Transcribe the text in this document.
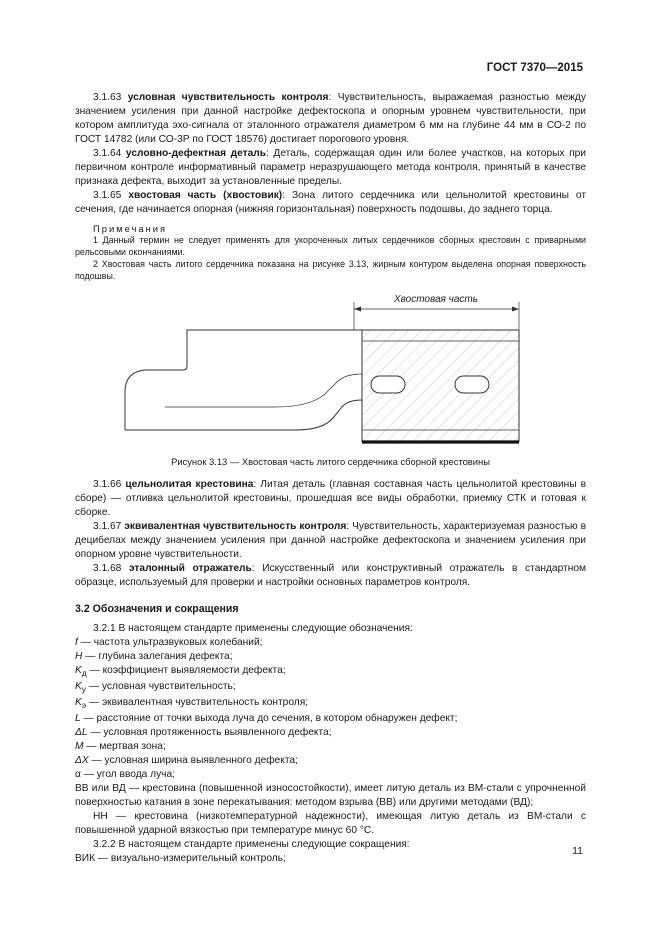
ГОСТ 7370—2015

3.1.63 условная чувствительность контроля: Чувствительность, выражаемая разностью между значением усиления при данной настройке дефектоскопа и опорным уровнем чувствительности, при котором амплитуда эхо-сигнала от эталонного отражателя диаметром 6 мм на глубине 44 мм в СО-2 по ГОСТ 14782 (или СО-3Р по ГОСТ 18576) достигает порогового уровня.

3.1.64 условно-дефектная деталь: Деталь, содержащая один или более участков, на которых при первичном контроле информативный параметр неразрушающего метода контроля, принятый в качестве признака дефекта, выходит за установленные пределы.

3.1.65 хвостовая часть (хвостовик): Зона литого сердечника или цельнолитой крестовины от сечения, где начинается опорная (нижняя горизонтальная) поверхность подошвы, до заднего торца.

Примечания

1 Данный термин не следует применять для укороченных литых сердечников сборных крестовин с приварными рельсовыми окончаниями.

2 Хвостовая часть литого сердечника показана на рисунке 3.13, жирным контуром выделена опорная поверхность подошвы.

Хвостовая часть
Рисунок 3.13 — Хвостовая часть литого сердечника сборной крестовины

3.1.66 цельнолитая крестовина: Литая деталь (главная составная часть цельнолитой крестовины в сборе) — отливка цельнолитой крестовины, прошедшая все виды обработки, приемку СТК и готовая к сборке.

3.1.67 эквивалентная чувствительность контроля: Чувствительность, характеризуемая разностью в децибелах между значением усиления при данной настройке дефектоскопа и значением усиления при опорном уровне чувствительности.

3.1.68 эталонный отражатель: Искусственный или конструктивный отражатель в стандартном образце, используемый для проверки и настройки основных параметров контроля.

3.2 Обозначения и сокращения

3.2.1 В настоящем стандарте применены следующие обозначения:

f — частота ультразвуковых колебаний;

H — глубина залегания дефекта;

$K_д$ — коэффициент выявляемости дефекта;

$K_у$ — условная чувствительность;

$K_э$ — эквивалентная чувствительность контроля;

L — расстояние от точки выхода луча до сечения, в котором обнаружен дефект;

ΔL — условная протяженность выявленного дефекта;

M — мертвая зона;

ΔX — условная ширина выявленного дефекта;

α — угол ввода луча;

ВВ или ВД — крестовина (повышенной износостойкости), имеет литую деталь из ВМ-стали с упрочненной поверхностью катания в зоне перекатывания: методом взрыва (ВВ) или другими методами (ВД);

НН — крестовина (низкотемпературной надежности), имеющая литую деталь из ВМ-стали с повышенной ударной вязкостью при температуре минус 60 °С.

3.2.2 В настоящем стандарте применены следующие сокращения:

ВИК — визуально-измерительный контроль;

11
